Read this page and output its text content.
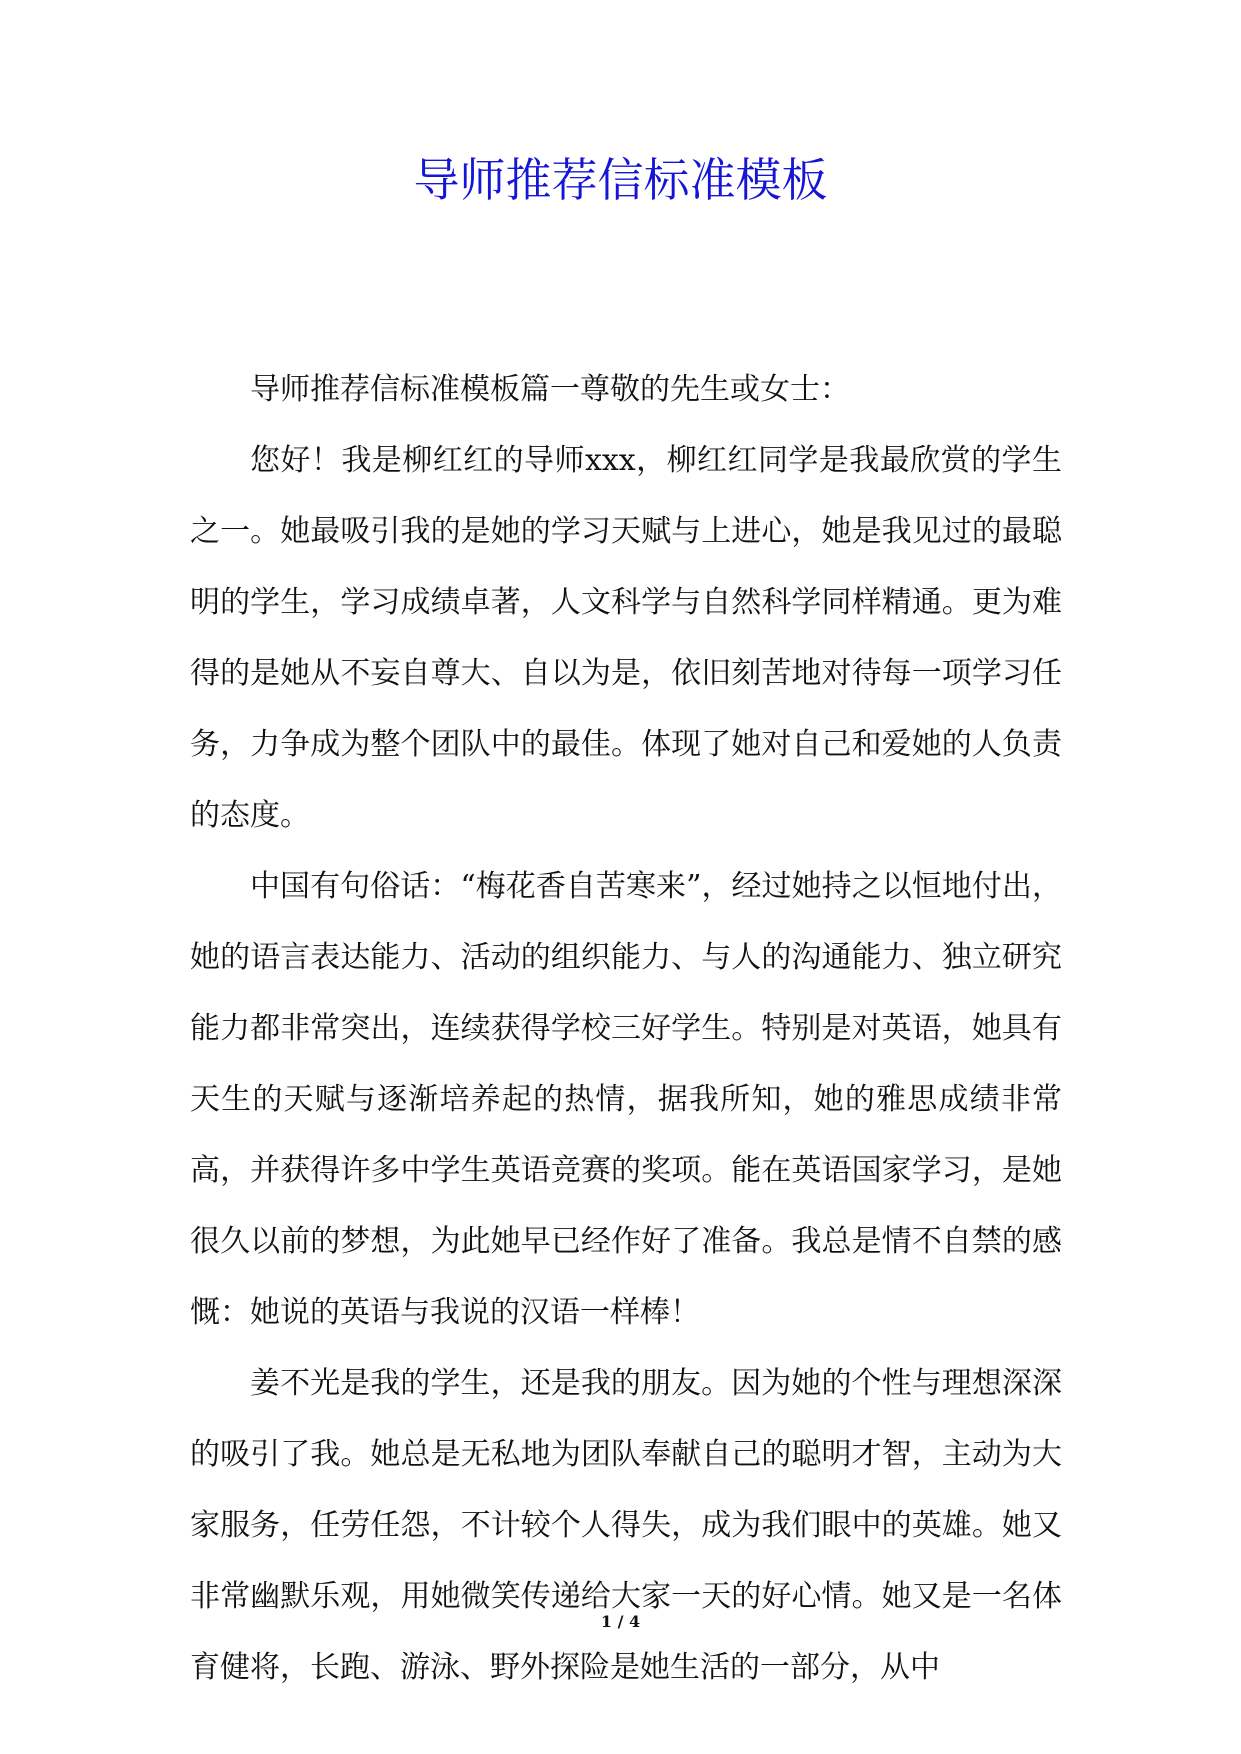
导师推荐信标准模板

导师推荐信标准模板篇一尊敬的先生或女士：

您好！我是柳红红的导师xxx，柳红红同学是我最欣赏的学生之一。她最吸引我的是她的学习天赋与上进心，她是我见过的最聪明的学生，学习成绩卓著，人文科学与自然科学同样精通。更为难得的是她从不妄自尊大、自以为是，依旧刻苦地对待每一项学习任务，力争成为整个团队中的最佳。体现了她对自己和爱她的人负责的态度。

中国有句俗话：“梅花香自苦寒来”，经过她持之以恒地付出，她的语言表达能力、活动的组织能力、与人的沟通能力、独立研究能力都非常突出，连续获得学校三好学生。特别是对英语，她具有天生的天赋与逐渐培养起的热情，据我所知，她的雅思成绩非常高，并获得许多中学生英语竞赛的奖项。能在英语国家学习，是她很久以前的梦想，为此她早已经作好了准备。我总是情不自禁的感慨：她说的英语与我说的汉语一样棒！

姜不光是我的学生，还是我的朋友。因为她的个性与理想深深的吸引了我。她总是无私地为团队奉献自己的聪明才智，主动为大家服务，任劳任怨，不计较个人得失，成为我们眼中的英雄。她又非常幽默乐观，用她微笑传递给大家一天的好心情。她又是一名体育健将，长跑、游泳、野外探险是她生活的一部分，从中

1 / 4
